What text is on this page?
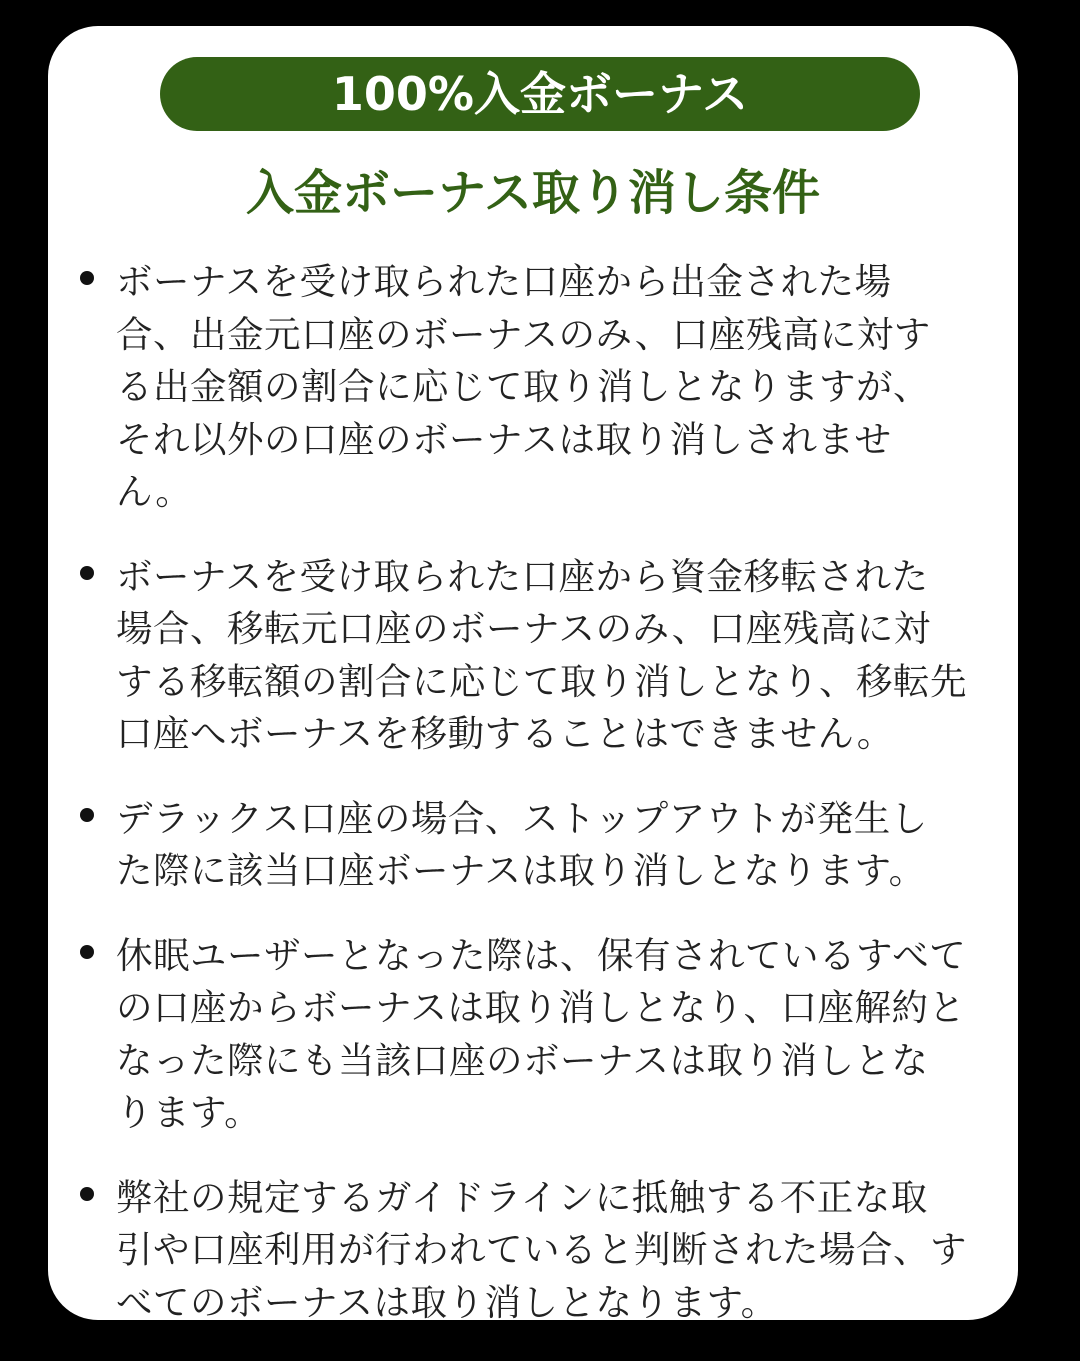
100%入金ボーナス
入金ボーナス取り消し条件
ボーナスを受け取られた口座から出金された場
合、出金元口座のボーナスのみ、口座残高に対す
る出金額の割合に応じて取り消しとなりますが、
それ以外の口座のボーナスは取り消しされませ
ん。
ボーナスを受け取られた口座から資金移転された
場合、移転元口座のボーナスのみ、口座残高に対
する移転額の割合に応じて取り消しとなり、移転先
口座へボーナスを移動することはできません。
デラックス口座の場合、ストップアウトが発生し
た際に該当口座ボーナスは取り消しとなります。
休眠ユーザーとなった際は、保有されているすべて
の口座からボーナスは取り消しとなり、口座解約と
なった際にも当該口座のボーナスは取り消しとな
ります。
弊社の規定するガイドラインに抵触する不正な取
引や口座利用が行われていると判断された場合、す
べてのボーナスは取り消しとなります。
